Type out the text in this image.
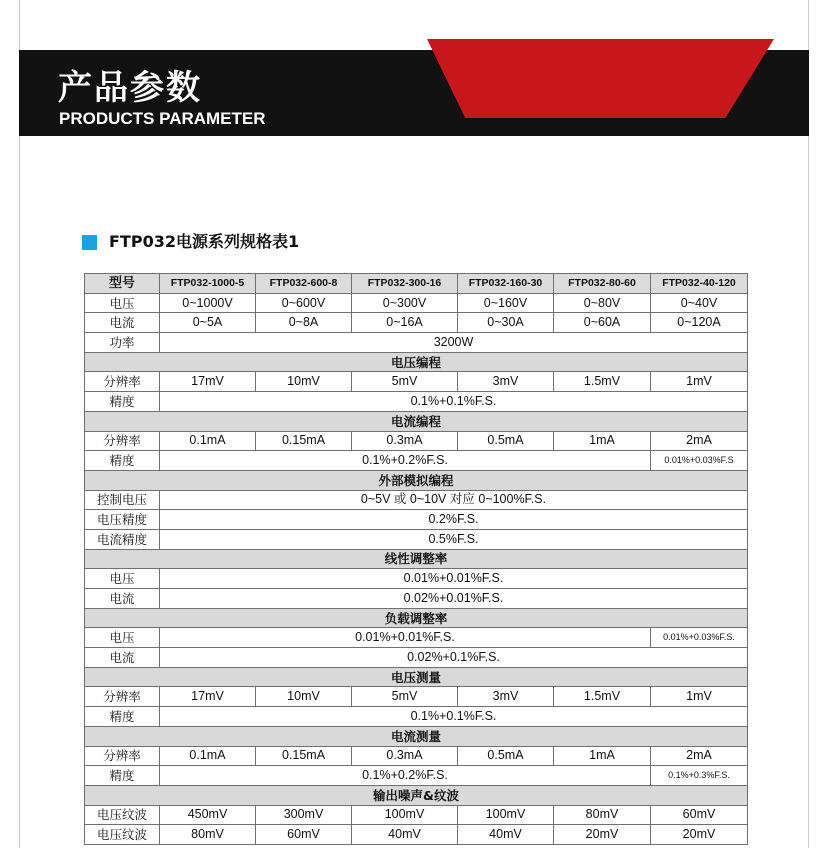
产品参数
PRODUCTS PARAMETER
FTP032电源系列规格表1
型号	FTP032-1000-5	FTP032-600-8	FTP032-300-16	FTP032-160-30	FTP032-80-60	FTP032-40-120
电压	0~1000V	0~600V	0~300V	0~160V	0~80V	0~40V
电流	0~5A	0~8A	0~16A	0~30A	0~60A	0~120A
功率	3200W					
电压编程						
分辨率	17mV	10mV	5mV	3mV	1.5mV	1mV
精度	0.1%+0.1%F.S.					
电流编程						
分辨率	0.1mA	0.15mA	0.3mA	0.5mA	1mA	2mA
精度	0.1%+0.2%F.S.					0.01%+0.03%F.S
外部模拟编程						
控制电压	0~5V 或 0~10V 对应 0~100%F.S.					
电压精度	0.2%F.S.					
电流精度	0.5%F.S.					
线性调整率						
电压	0.01%+0.01%F.S.					
电流	0.02%+0.01%F.S.					
负载调整率						
电压	0.01%+0.01%F.S.					0.01%+0.03%F.S.
电流	0.02%+0.1%F.S.					
电压测量						
分辨率	17mV	10mV	5mV	3mV	1.5mV	1mV
精度	0.1%+0.1%F.S.					
电流测量						
分辨率	0.1mA	0.15mA	0.3mA	0.5mA	1mA	2mA
精度	0.1%+0.2%F.S.					0.1%+0.3%F.S.
输出噪声&纹波						
电压纹波	450mV	300mV	100mV	100mV	80mV	60mV
电压纹波	80mV	60mV	40mV	40mV	20mV	20mV
